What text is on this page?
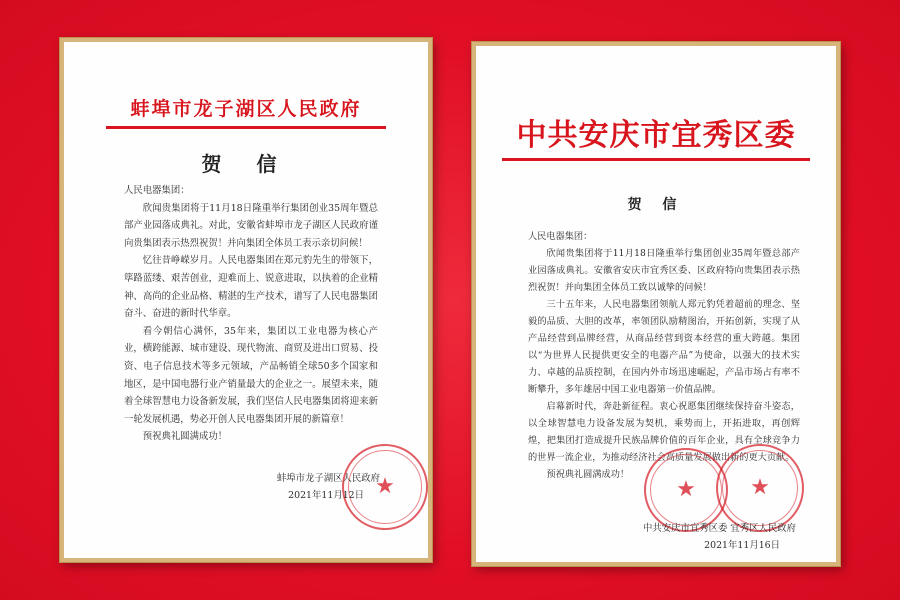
蚌埠市龙子湖区人民政府
贺 信

人民电器集团：

欣闻贵集团将于11月18日隆重举行集团创业35周年暨总部产业园落成典礼。对此，安徽省蚌埠市龙子湖区人民政府谨向贵集团表示热烈祝贺！并向集团全体员工表示亲切问候！

忆往昔峥嵘岁月。人民电器集团在郑元豹先生的带领下，筚路蓝缕、艰苦创业，迎难而上、锐意进取，以执着的企业精神、高尚的企业品格、精湛的生产技术，谱写了人民电器集团奋斗、奋进的新时代华章。

看今朝信心满怀，35年来，集团以工业电器为核心产业，横跨能源、城市建设、现代物流、商贸及进出口贸易、投资、电子信息技术等多元领域，产品畅销全球50多个国家和地区，是中国电器行业产销量最大的企业之一。展望未来，随着全球智慧电力设备新发展，我们坚信人民电器集团将迎来新一轮发展机遇，势必开创人民电器集团开展的新篇章！

预祝典礼圆满成功！

★
蚌埠市龙子湖区人民政府
2021年11月12日
中共安庆市宜秀区委
贺 信

人民电器集团：

欣闻贵集团将于11月18日隆重举行集团创业35周年暨总部产业园落成典礼。安徽省安庆市宜秀区委、区政府特向贵集团表示热烈祝贺！并向集团全体员工致以诚挚的问候！

三十五年来，人民电器集团领航人郑元豹凭着超前的理念、坚毅的品质、大胆的改革，率领团队励精图治，开拓创新，实现了从产品经营到品牌经营，从商品经营到资本经营的重大跨越。集团以“为世界人民提供更安全的电器产品”为使命，以强大的技术实力、卓越的品质控制，在国内外市场迅速崛起，产品市场占有率不断攀升，多年雄居中国工业电器第一价值品牌。

启幕新时代，奔赴新征程。衷心祝愿集团继续保持奋斗姿态，以全球智慧电力设备发展为契机，乘势而上，开拓进取，再创辉煌，把集团打造成提升民族品牌价值的百年企业，具有全球竞争力的世界一流企业，为推动经济社会高质量发展做出新的更大贡献。

预祝典礼圆满成功！

★ ★
中共安庆市宜秀区委 宜秀区人民政府
2021年11月16日
